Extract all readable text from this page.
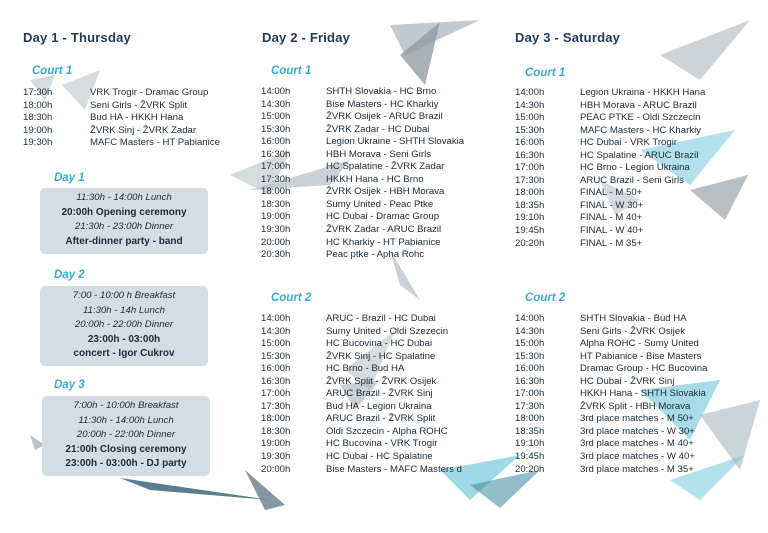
Day 1 - Thursday	Day 2 - Friday	Day 3 - Saturday
Court 1	Court 1	Court 1
Court 2	Court 2
17:30h	VRK Trogir - Dramac Group
18:00h	Seni Girls - ŽVRK Split
18:30h	Bud HA - HKKH Hana
19:00h	ŽVRK Sinj - ŽVRK Zadar
19:30h	MAFC Masters - HT Pabianice
14:00h	SHTH Slovakia - HC Brno
14:30h	Bise Masters - HC Kharkiy
15:00h	ŽVRK Osijek - ARUC Brazil
15:30h	ŽVRK Zadar - HC Dubai
16:00h	Legion Ukraine - SHTH Slovakia
16:30h	HBH Morava - Seni Girls
17:00h	HC Spalatine - ŽVRK Zadar
17:30h	HKKH Hana - HC Brno
18:00h	ŽVRK Osijek - HBH Morava
18:30h	Sumy United - Peac Ptke
19:00h	HC Dubai - Dramac Group
19:30h	ŽVRK Zadar - ARUC Brazil
20:00h	HC Kharkiy - HT Pabianice
20:30h	Peac ptke - Apha Rohc
14:00h	ARUC - Brazil - HC Dubai
14:30h	Sumy United - Oldi Szezecin
15:00h	HC Bucovina - HC Dubai
15:30h	ŽVRK Sinj - HC Spalatine
16:00h	HC Brno - Bud HA
16:30h	ŽVRK Split - ŽVRK Osijek
17:00h	ARUC Brazil - ŽVRK Sinj
17:30h	Bud HA - Legion Ukraina
18:00h	ARUC Brazil - ŽVRK Split
18:30h	Oldi Szczecin - Alpha ROHC
19:00h	HC Bucovina - VRK Trogir
19:30h	HC Dubai - HC Spalatine
20:00h	Bise Masters - MAFC Masters d
14:00h	Legion Ukraina - HKKH Hana
14:30h	HBH Morava - ARUC Brazil
15:00h	PEAC PTKE - Oldi Szczecin
15:30h	MAFC Masters - HC Kharkiy
16:00h	HC Dubai - VRK Trogir
16:30h	HC Spalatine - ARUC Brazil
17:00h	HC Brno - Legion Ukraina
17:30h	ARUC Brazil - Seni Girls
18:00h	FINAL - M 50+
18:35h	FINAL - W 30+
19:10h	FINAL - M 40+
19:45h	FINAL - W 40+
20:20h	FINAL - M 35+
14:00h	SHTH Slovakia - Bud HA
14:30h	Seni Girls - ŽVRK Osijek
15:00h	Alpha ROHC - Sumy United
15:30h	HT Pabianice - Bise Masters
16:00h	Dramac Group - HC Bucovina
16:30h	HC Dubai - ŽVRK Sinj
17:00h	HKKH Hana - SHTH Slovakia
17:30h	ŽVRK Split - HBH Morava
18:00h	3rd place matches - M 50+
18:35h	3rd place matches - W 30+
19:10h	3rd place matches - M 40+
19:45h	3rd place matches - W 40+
20:20h	3rd place matches - M 35+
Day 1
11:30h - 14:00h Lunch
20:00h Opening ceremony
21:30h - 23:00h Dinner
After-dinner party - band
Day 2
7:00 - 10:00 h Breakfast
11:30h - 14h Lunch
20:00h - 22:00h Dinner
23:00h - 03:00h
concert - Igor Cukrov
Day 3
7:00h - 10:00h Breakfast
11:30h - 14:00h Lunch
20:00h - 22:00h Dinner
21:00h Closing ceremony
23:00h - 03:00h - DJ party
